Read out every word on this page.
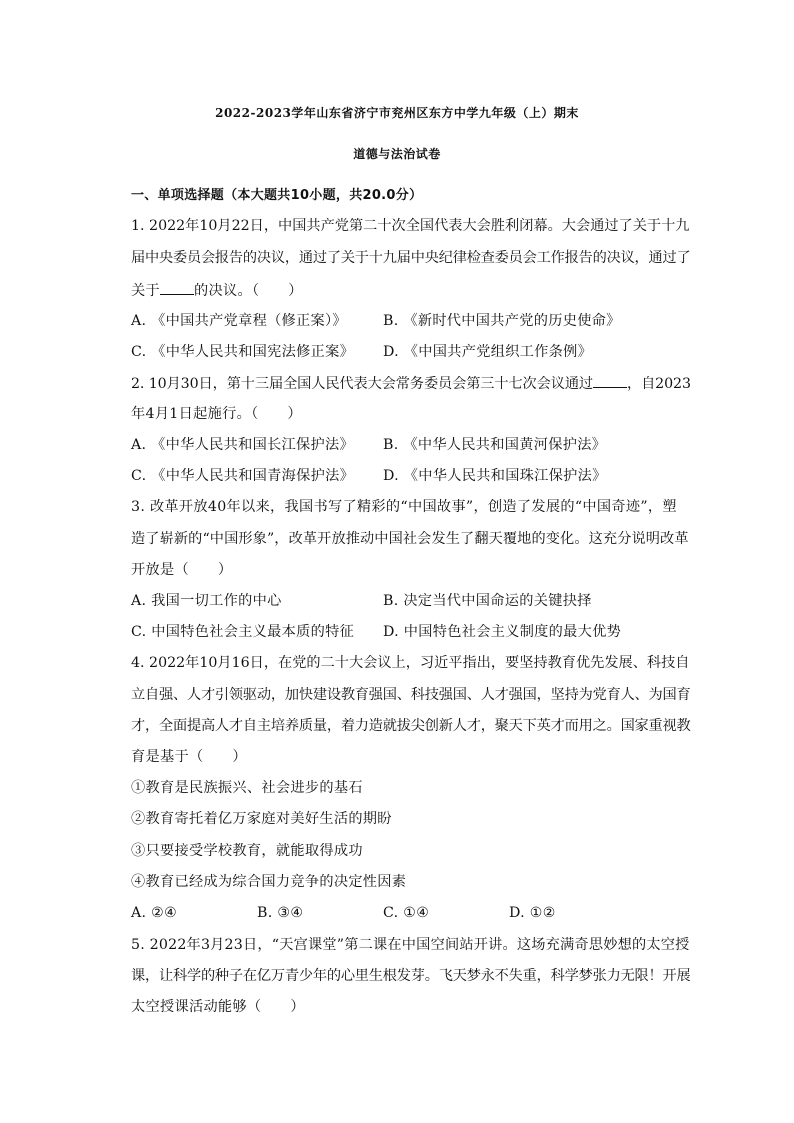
2022-2023学年山东省济宁市兖州区东方中学九年级（上）期末
道德与法治试卷
一、单项选择题（本大题共10小题，共20.0分）
1. 2022年10月22日，中国共产党第二十次全国代表大会胜利闭幕。大会通过了关于十九
届中央委员会报告的决议，通过了关于十九届中央纪律检查委员会工作报告的决议，通过了
关于 的决议。（　　）
A. 《中国共产党章程（修正案）》	B. 《新时代中国共产党的历史使命》
C. 《中华人民共和国宪法修正案》 D. 《中国共产党组织工作条例》
2. 10月30日，第十三届全国人民代表大会常务委员会第三十七次会议通过 ，自2023
年4月1日起施行。（　　）
A. 《中华人民共和国长江保护法》 B. 《中华人民共和国黄河保护法》
C. 《中华人民共和国青海保护法》 D. 《中华人民共和国珠江保护法》
3. 改革开放40年以来，我国书写了精彩的“中国故事”，创造了发展的“中国奇迹”，塑
造了崭新的“中国形象”，改革开放推动中国社会发生了翻天覆地的变化。这充分说明改革
开放是（　　）
A. 我国一切工作的中心	B. 决定当代中国命运的关键抉择
C. 中国特色社会主义最本质的特征 D. 中国特色社会主义制度的最大优势
4. 2022年10月16日，在党的二十大会议上，习近平指出，要坚持教育优先发展、科技自
立自强、人才引领驱动，加快建设教育强国、科技强国、人才强国，坚持为党育人、为国育
才，全面提高人才自主培养质量，着力造就拔尖创新人才，聚天下英才而用之。国家重视教
育是基于（　　）
①教育是民族振兴、社会进步的基石
②教育寄托着亿万家庭对美好生活的期盼
③只要接受学校教育，就能取得成功
④教育已经成为综合国力竞争的决定性因素
A. ②④	B. ③④	C. ①④	D. ①②
5. 2022年3月23日，“天宫课堂”第二课在中国空间站开讲。这场充满奇思妙想的太空授
课，让科学的种子在亿万青少年的心里生根发芽。飞天梦永不失重，科学梦张力无限！开展
太空授课活动能够（　　）
